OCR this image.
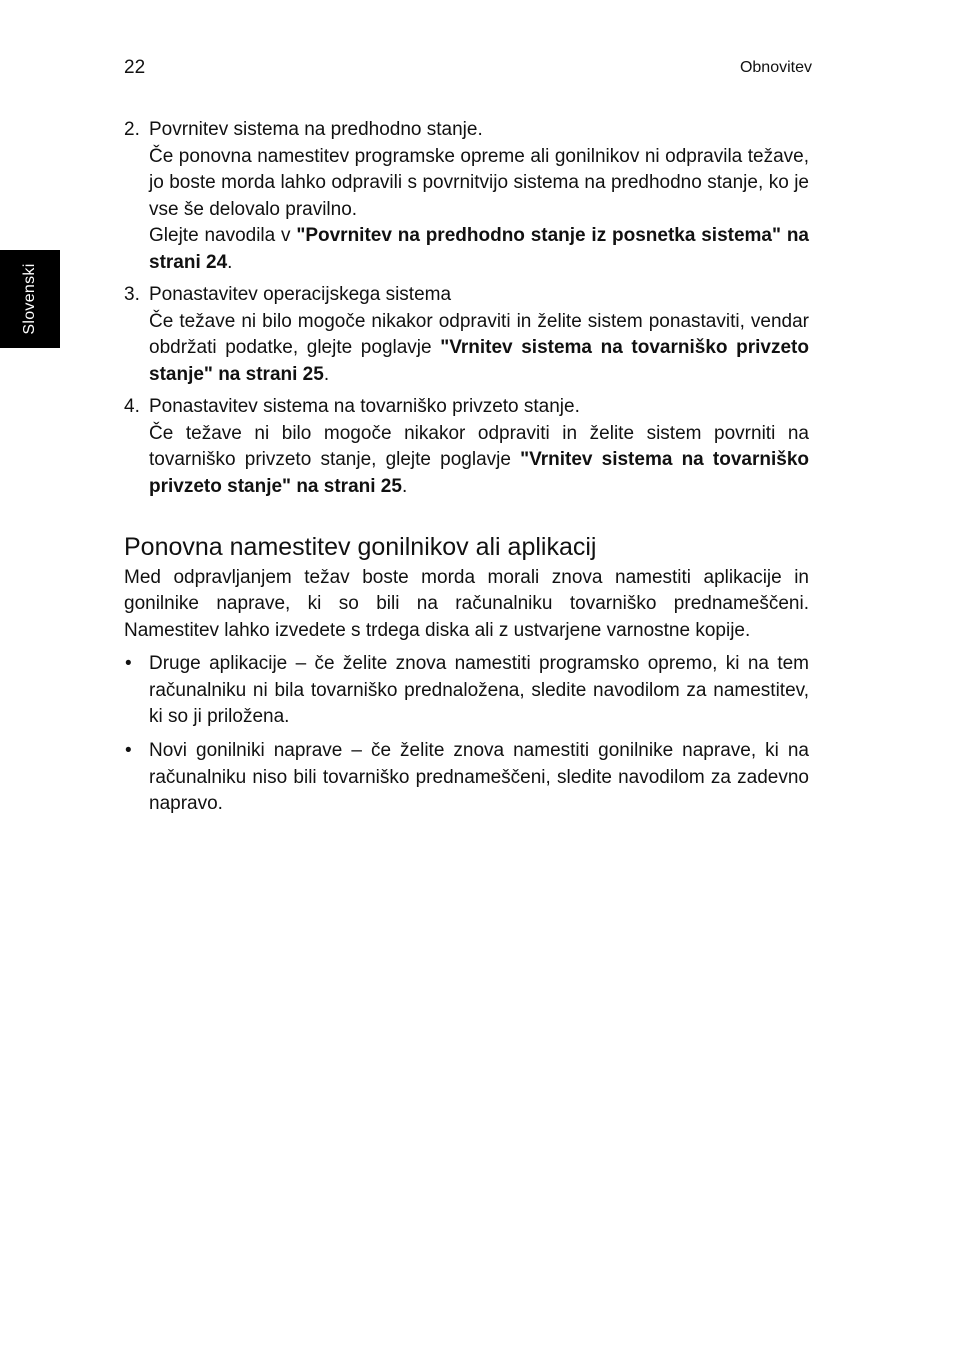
22	Obnovitev
Slovenski
2. Povrnitev sistema na predhodno stanje.

Če ponovna namestitev programske opreme ali gonilnikov ni odpravila težave, jo boste morda lahko odpravili s povrnitvijo sistema na predhodno stanje, ko je vse še delovalo pravilno.

Glejte navodila v "Povrnitev na predhodno stanje iz posnetka sistema" na strani 24.

3. Ponastavitev operacijskega sistema

Če težave ni bilo mogoče nikakor odpraviti in želite sistem ponastaviti, vendar obdržati podatke, glejte poglavje "Vrnitev sistema na tovarniško privzeto stanje" na strani 25.

4. Ponastavitev sistema na tovarniško privzeto stanje.

Če težave ni bilo mogoče nikakor odpraviti in želite sistem povrniti na tovarniško privzeto stanje, glejte poglavje "Vrnitev sistema na tovarniško privzeto stanje" na strani 25.

Ponovna namestitev gonilnikov ali aplikacij

Med odpravljanjem težav boste morda morali znova namestiti aplikacije in gonilnike naprave, ki so bili na računalniku tovarniško prednameščeni. Namestitev lahko izvedete s trdega diska ali z ustvarjene varnostne kopije.

• Druge aplikacije – če želite znova namestiti programsko opremo, ki na tem računalniku ni bila tovarniško prednaložena, sledite navodilom za namestitev, ki so ji priložena.
• Novi gonilniki naprave – če želite znova namestiti gonilnike naprave, ki na računalniku niso bili tovarniško prednameščeni, sledite navodilom za zadevno napravo.
